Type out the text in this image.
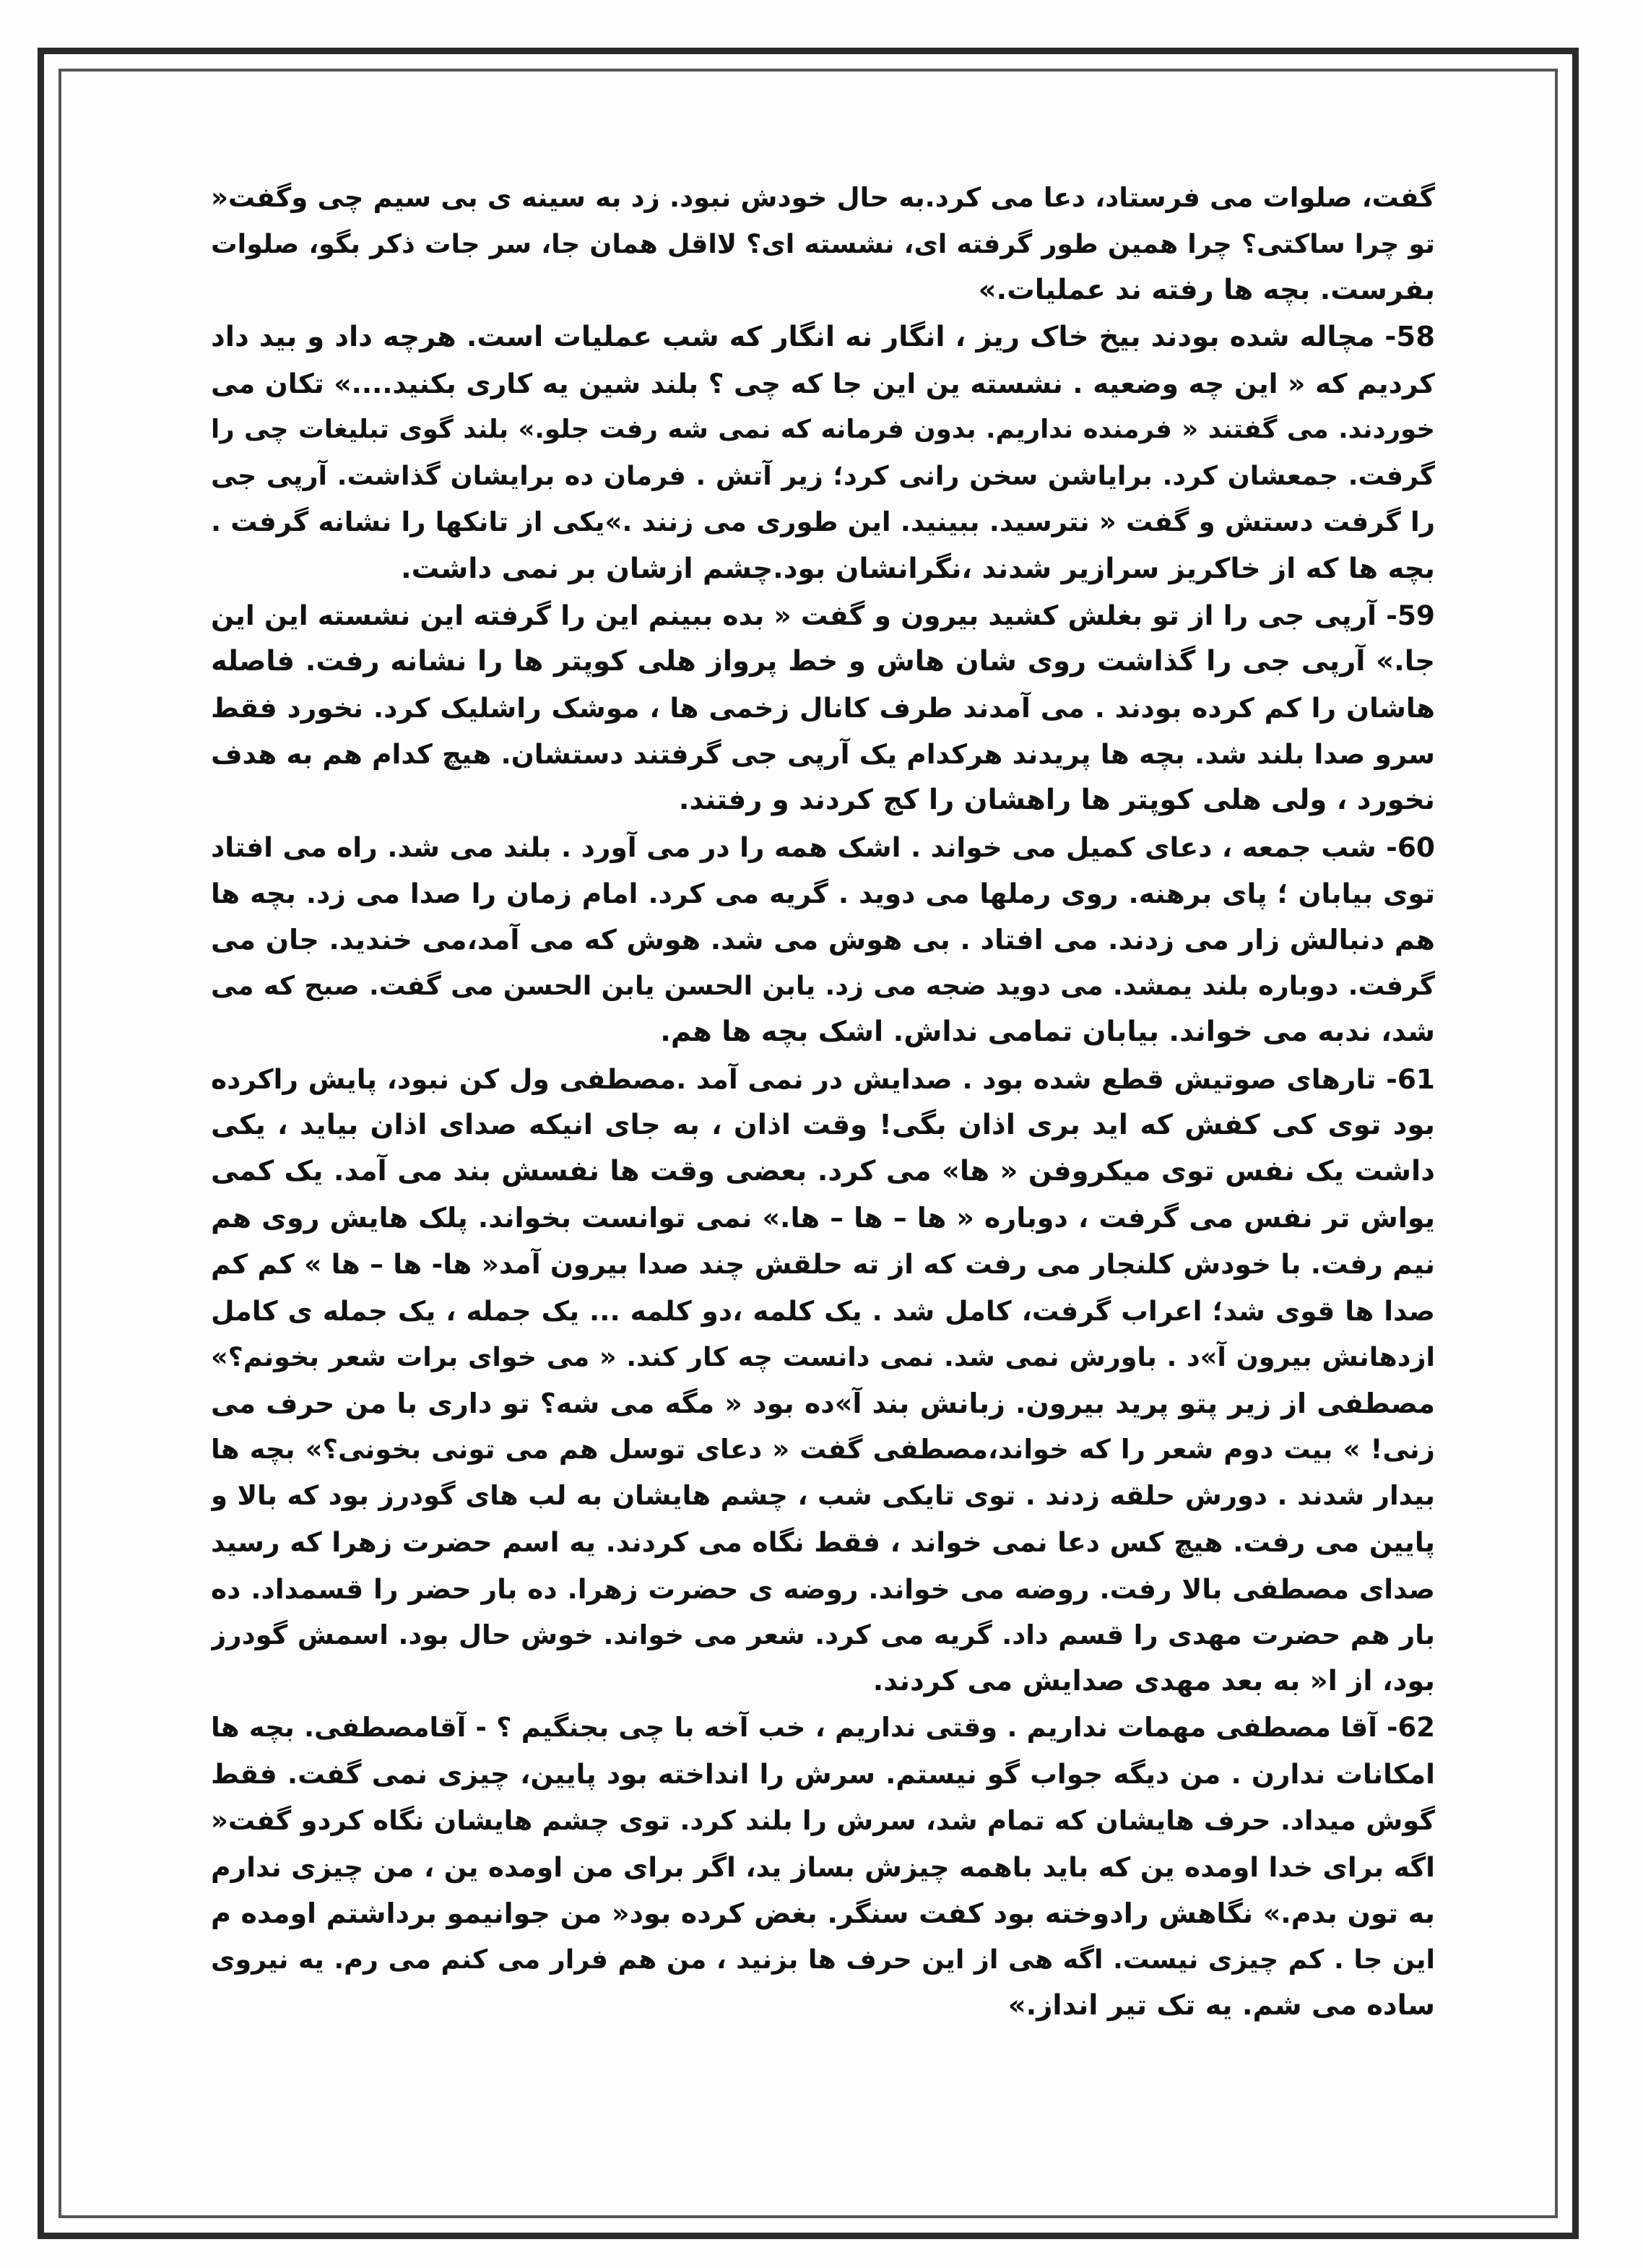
گفت، صلوات می فرستاد، دعا می کرد.به حال خودش نبود. زد به سینه ی بی سیم چی وگفت«
تو چرا ساکتی؟ چرا همین طور گرفته ای، نشسته ای؟ لااقل همان جا، سر جات ذکر بگو، صلوات
بفرست. بچه ها رفته ند عملیات.»
58- مچاله شده بودند بیخ خاک ریز ، انگار نه انگار که شب عملیات است. هرچه داد و بید داد
کردیم که « این چه وضعیه . نشسته ین این جا که چی ؟ بلند شین یه کاری بکنید....» تکان می
خوردند. می گفتند « فرمنده نداریم. بدون فرمانه که نمی شه رفت جلو.» بلند گوی تبلیغات چی را
گرفت. جمعشان کرد. برایاشن سخن رانی کرد؛ زیر آتش . فرمان ده برایشان گذاشت. آرپی جی
را گرفت دستش و گفت « نترسید. ببینید. این طوری می زنند .»یکی از تانکها را نشانه گرفت .
بچه ها که از خاکریز سرازیر شدند ،نگرانشان بود.چشم ازشان بر نمی داشت.
59- آرپی جی را از تو بغلش کشید بیرون و گفت « بده ببینم این را گرفته این نشسته این این
جا.» آرپی جی را گذاشت روی شان هاش و خط پرواز هلی کوپتر ها را نشانه رفت. فاصله
هاشان را کم کرده بودند . می آمدند طرف کانال زخمی ها ، موشک راشلیک کرد. نخورد فقط
سرو صدا بلند شد. بچه ها پریدند هرکدام یک آرپی جی گرفتند دستشان. هیچ کدام هم به هدف
نخورد ، ولی هلی کوپتر ها راهشان را کج کردند و رفتند.
60- شب جمعه ، دعای کمیل می خواند . اشک همه را در می آورد . بلند می شد. راه می افتاد
توی بیابان ؛ پای برهنه. روی رملها می دوید . گریه می کرد. امام زمان را صدا می زد. بچه ها
هم دنبالش زار می زدند. می افتاد . بی هوش می شد. هوش که می آمد،می خندید. جان می
گرفت. دوباره بلند یمشد. می دوید ضجه می زد. یابن الحسن یابن الحسن می گفت. صبح که می
شد، ندبه می خواند. بیابان تمامی نداش. اشک بچه ها هم.
61- تارهای صوتیش قطع شده بود . صدایش در نمی آمد .مصطفی ول کن نبود، پایش راکرده
بود توی کی کفش که اید بری اذان بگی! وقت اذان ، به جای انیکه صدای اذان بیاید ، یکی
داشت یک نفس توی میکروفن « ها» می کرد. بعضی وقت ها نفسش بند می آمد. یک کمی
یواش تر نفس می گرفت ، دوباره « ها – ها – ها.» نمی توانست بخواند. پلک هایش روی هم
نیم رفت. با خودش کلنجار می رفت که از ته حلقش چند صدا بیرون آمد« ها- ها – ها » کم کم
صدا ها قوی شد؛ اعراب گرفت، کامل شد . یک کلمه ،دو کلمه ... یک جمله ، یک جمله ی کامل
ازدهانش بیرون آ»د . باورش نمی شد. نمی دانست چه کار کند. « می خوای برات شعر بخونم؟»
مصطفی از زیر پتو پرید بیرون. زبانش بند آ»ده بود « مگه می شه؟ تو داری با من حرف می
زنی! » بیت دوم شعر را که خواند،مصطفی گفت « دعای توسل هم می تونی بخونی؟» بچه ها
بیدار شدند . دورش حلقه زدند . توی تایکی شب ، چشم هایشان به لب های گودرز بود که بالا و
پایین می رفت. هیچ کس دعا نمی خواند ، فقط نگاه می کردند. یه اسم حضرت زهرا که رسید
صدای مصطفی بالا رفت. روضه می خواند. روضه ی حضرت زهرا. ده بار حضر را قسمداد. ده
بار هم حضرت مهدی را قسم داد. گریه می کرد. شعر می خواند. خوش حال بود. اسمش گودرز
بود، از ا« به بعد مهدی صدایش می کردند.
62- آقا مصطفی مهمات نداریم . وقتی نداریم ، خب آخه با چی بجنگیم ؟ - آقامصطفی. بچه ها
امکانات ندارن . من دیگه جواب گو نیستم. سرش را انداخته بود پایین، چیزی نمی گفت. فقط
گوش میداد. حرف هایشان که تمام شد، سرش را بلند کرد. توی چشم هایشان نگاه کردو گفت«
اگه برای خدا اومده ین که باید باهمه چیزش بساز ید، اگر برای من اومده ین ، من چیزی ندارم
به تون بدم.» نگاهش رادوخته بود کفت سنگر. بغض کرده بود« من جوانیمو برداشتم اومده م
این جا . کم چیزی نیست. اگه هی از این حرف ها بزنید ، من هم فرار می کنم می رم. یه نیروی
ساده می شم. یه تک تیر انداز.»
